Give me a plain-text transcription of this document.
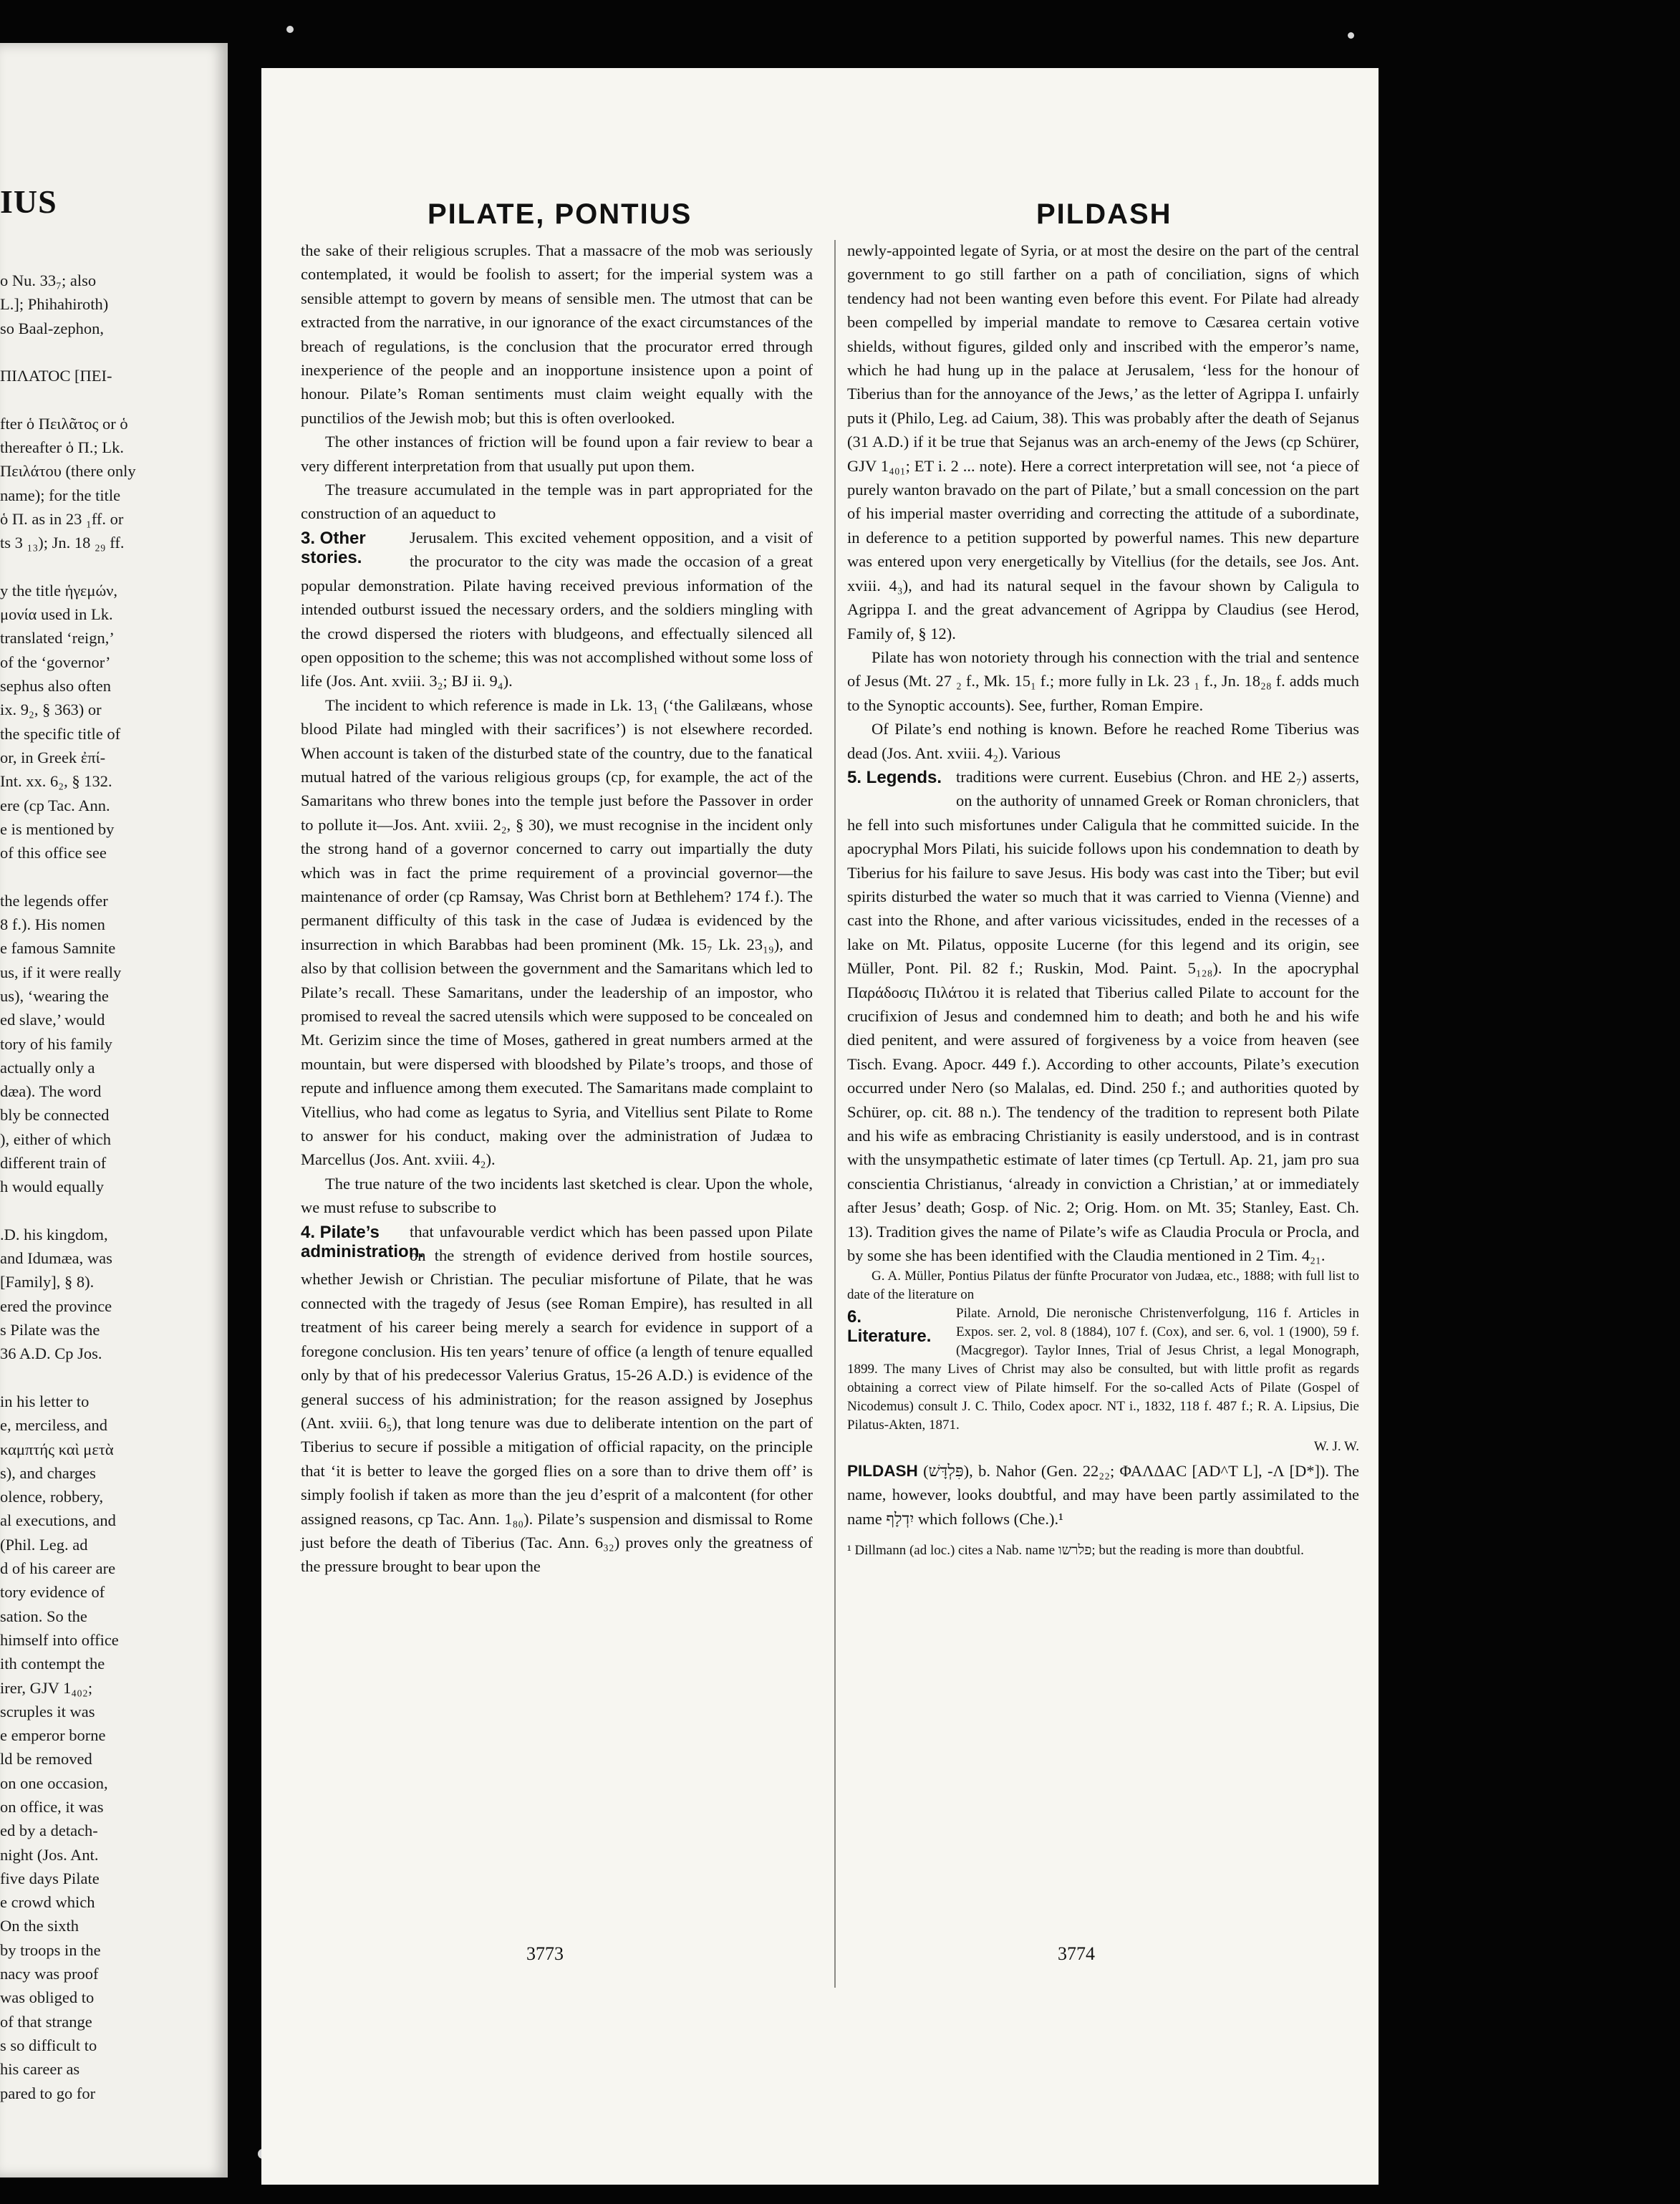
IUS
o Nu. 33₇; also
L.]; Phihahiroth)
so Baal-zephon,

ΠΙΛΑΤΟϹ [ΠΕΙ-

fter ὁ Πειλᾶτος or ὁ
thereafter ὁ Π.; Lk.
Πειλάτου (there only
name); for the title
ὁ Π. as in 23 ₁ff. or
ts 3 ₁₃); Jn. 18 ₂₉ ff.

y the title ἡγεμών,
μονία used in Lk.
translated ‘reign,’
of the ‘governor’
sephus also often
ix. 9₂, § 363) or
the specific title of
or, in Greek ἐπί-
Int. xx. 6₂, § 132.
ere (cp Tac. Ann.
e is mentioned by
of this office see

the legends offer
8 f.). His nomen
e famous Samnite
us, if it were really
us), ‘wearing the
ed slave,’ would
tory of his family
actually only a
dæa). The word
bly be connected
), either of which
different train of
h would equally

.D. his kingdom,
and Idumæa, was
[Family], § 8).
ered the province
s Pilate was the
36 A.D. Cp Jos.

in his letter to
e, merciless, and
καμπτής καὶ μετὰ
s), and charges
olence, robbery,
al executions, and
(Phil. Leg. ad
d of his career are
tory evidence of
sation. So the
himself into office
ith contempt the
irer, GJV 1₄₀₂;
scruples it was
e emperor borne
ld be removed
on one occasion,
on office, it was
ed by a detach-
night (Jos. Ant.
five days Pilate
e crowd which
On the sixth
by troops in the
nacy was proof
was obliged to
of that strange
s so difficult to
his career as
pared to go for
PILATE, PONTIUS	PILDASH

the sake of their religious scruples. That a massacre of the mob was seriously contemplated, it would be foolish to assert; for the imperial system was a sensible attempt to govern by means of sensible men. The utmost that can be extracted from the narrative, in our ignorance of the exact circumstances of the breach of regulations, is the conclusion that the procurator erred through inexperience of the people and an inopportune insistence upon a point of honour. Pilate’s Roman sentiments must claim weight equally with the punctilios of the Jewish mob; but this is often overlooked.

The other instances of friction will be found upon a fair review to bear a very different interpretation from that usually put upon them.

The treasure accumulated in the temple was in part appropriated for the construction of an aqueduct to

3. Other stories.
Jerusalem. This excited vehement opposition, and a visit of the procurator to the city was made the occasion of a great popular demonstration. Pilate having received previous information of the intended outburst issued the necessary orders, and the soldiers mingling with the crowd dispersed the rioters with bludgeons, and effectually silenced all open opposition to the scheme; this was not accomplished without some loss of life (Jos. Ant. xviii. 3₂; BJ ii. 9₄).

The incident to which reference is made in Lk. 13₁ (‘the Galilæans, whose blood Pilate had mingled with their sacrifices’) is not elsewhere recorded. When account is taken of the disturbed state of the country, due to the fanatical mutual hatred of the various religious groups (cp, for example, the act of the Samaritans who threw bones into the temple just before the Passover in order to pollute it—Jos. Ant. xviii. 2₂, § 30), we must recognise in the incident only the strong hand of a governor concerned to carry out impartially the duty which was in fact the prime requirement of a provincial governor—the maintenance of order (cp Ramsay, Was Christ born at Bethlehem? 174 f.). The permanent difficulty of this task in the case of Judæa is evidenced by the insurrection in which Barabbas had been prominent (Mk. 15₇ Lk. 23₁₉), and also by that collision between the government and the Samaritans which led to Pilate’s recall. These Samaritans, under the leadership of an impostor, who promised to reveal the sacred utensils which were supposed to be concealed on Mt. Gerizim since the time of Moses, gathered in great numbers armed at the mountain, but were dispersed with bloodshed by Pilate’s troops, and those of repute and influence among them executed. The Samaritans made complaint to Vitellius, who had come as legatus to Syria, and Vitellius sent Pilate to Rome to answer for his conduct, making over the administration of Judæa to Marcellus (Jos. Ant. xviii. 4₂).

The true nature of the two incidents last sketched is clear. Upon the whole, we must refuse to subscribe to

4. Pilate’s administration.
that unfavourable verdict which has been passed upon Pilate on the strength of evidence derived from hostile sources, whether Jewish or Christian. The peculiar misfortune of Pilate, that he was connected with the tragedy of Jesus (see Roman Empire), has resulted in all treatment of his career being merely a search for evidence in support of a foregone conclusion. His ten years’ tenure of office (a length of tenure equalled only by that of his predecessor Valerius Gratus, 15-26 A.D.) is evidence of the general success of his administration; for the reason assigned by Josephus (Ant. xviii. 6₅), that long tenure was due to deliberate intention on the part of Tiberius to secure if possible a mitigation of official rapacity, on the principle that ‘it is better to leave the gorged flies on a sore than to drive them off’ is simply foolish if taken as more than the jeu d’esprit of a malcontent (for other assigned reasons, cp Tac. Ann. 1₈₀). Pilate’s suspension and dismissal to Rome just before the death of Tiberius (Tac. Ann. 6₃₂) proves only the greatness of the pressure brought to bear upon the

newly-appointed legate of Syria, or at most the desire on the part of the central government to go still farther on a path of conciliation, signs of which tendency had not been wanting even before this event. For Pilate had already been compelled by imperial mandate to remove to Cæsarea certain votive shields, without figures, gilded only and inscribed with the emperor’s name, which he had hung up in the palace at Jerusalem, ‘less for the honour of Tiberius than for the annoyance of the Jews,’ as the letter of Agrippa I. unfairly puts it (Philo, Leg. ad Caium, 38). This was probably after the death of Sejanus (31 A.D.) if it be true that Sejanus was an arch-enemy of the Jews (cp Schürer, GJV 1₄₀₁; ET i. 2 ... note). Here a correct interpretation will see, not ‘a piece of purely wanton bravado on the part of Pilate,’ but a small concession on the part of his imperial master overriding and correcting the attitude of a subordinate, in deference to a petition supported by powerful names. This new departure was entered upon very energetically by Vitellius (for the details, see Jos. Ant. xviii. 4₃), and had its natural sequel in the favour shown by Caligula to Agrippa I. and the great advancement of Agrippa by Claudius (see Herod, Family of, § 12).

Pilate has won notoriety through his connection with the trial and sentence of Jesus (Mt. 27 ₂ f., Mk. 15₁ f.; more fully in Lk. 23 ₁ f., Jn. 18₂₈ f. adds much to the Synoptic accounts). See, further, Roman Empire.

Of Pilate’s end nothing is known. Before he reached Rome Tiberius was dead (Jos. Ant. xviii. 4₂). Various

5. Legends. traditions were current. Eusebius (Chron. and HE 2₇) asserts, on the authority of unnamed Greek or Roman chroniclers, that he fell into such misfortunes under Caligula that he committed suicide. In the apocryphal Mors Pilati, his suicide follows upon his condemnation to death by Tiberius for his failure to save Jesus. His body was cast into the Tiber; but evil spirits disturbed the water so much that it was carried to Vienna (Vienne) and cast into the Rhone, and after various vicissitudes, ended in the recesses of a lake on Mt. Pilatus, opposite Lucerne (for this legend and its origin, see Müller, Pont. Pil. 82 f.; Ruskin, Mod. Paint. 5₁₂₈). In the apocryphal Παράδοσις Πιλάτου it is related that Tiberius called Pilate to account for the crucifixion of Jesus and condemned him to death; and both he and his wife died penitent, and were assured of forgiveness by a voice from heaven (see Tisch. Evang. Apocr. 449 f.). According to other accounts, Pilate’s execution occurred under Nero (so Malalas, ed. Dind. 250 f.; and authorities quoted by Schürer, op. cit. 88 n.). The tendency of the tradition to represent both Pilate and his wife as embracing Christianity is easily understood, and is in contrast with the unsympathetic estimate of later times (cp Tertull. Ap. 21, jam pro sua conscientia Christianus, ‘already in conviction a Christian,’ at or immediately after Jesus’ death; Gosp. of Nic. 2; Orig. Hom. on Mt. 35; Stanley, East. Ch. 13). Tradition gives the name of Pilate’s wife as Claudia Procula or Procla, and by some she has been identified with the Claudia mentioned in 2 Tim. 4₂₁.

G. A. Müller, Pontius Pilatus der fünfte Procurator von Judæa, etc., 1888; with full list to date of the literature on

6. Literature.
Pilate. Arnold, Die neronische Christenverfolgung, 116 f. Articles in Expos. ser. 2, vol. 8 (1884), 107 f. (Cox), and ser. 6, vol. 1 (1900), 59 f. (Macgregor). Taylor Innes, Trial of Jesus Christ, a legal Monograph, 1899. The many Lives of Christ may also be consulted, but with little profit as regards obtaining a correct view of Pilate himself. For the so-called Acts of Pilate (Gospel of Nicodemus) consult J. C. Thilo, Codex apocr. NT i., 1832, 118 f. 487 f.; R. A. Lipsius, Die Pilatus-Akten, 1871.

W. J. W.

PILDASH (פִּלְדָּשׁ), b. Nahor (Gen. 22₂₂; ΦΑΛΔΑϹ [AD^T L], -Λ [D*]). The name, however, looks doubtful, and may have been partly assimilated to the name יִדְלָף which follows (Che.).¹

¹ Dillmann (ad loc.) cites a Nab. name פלרשו; but the reading is more than doubtful.
3773	3774
